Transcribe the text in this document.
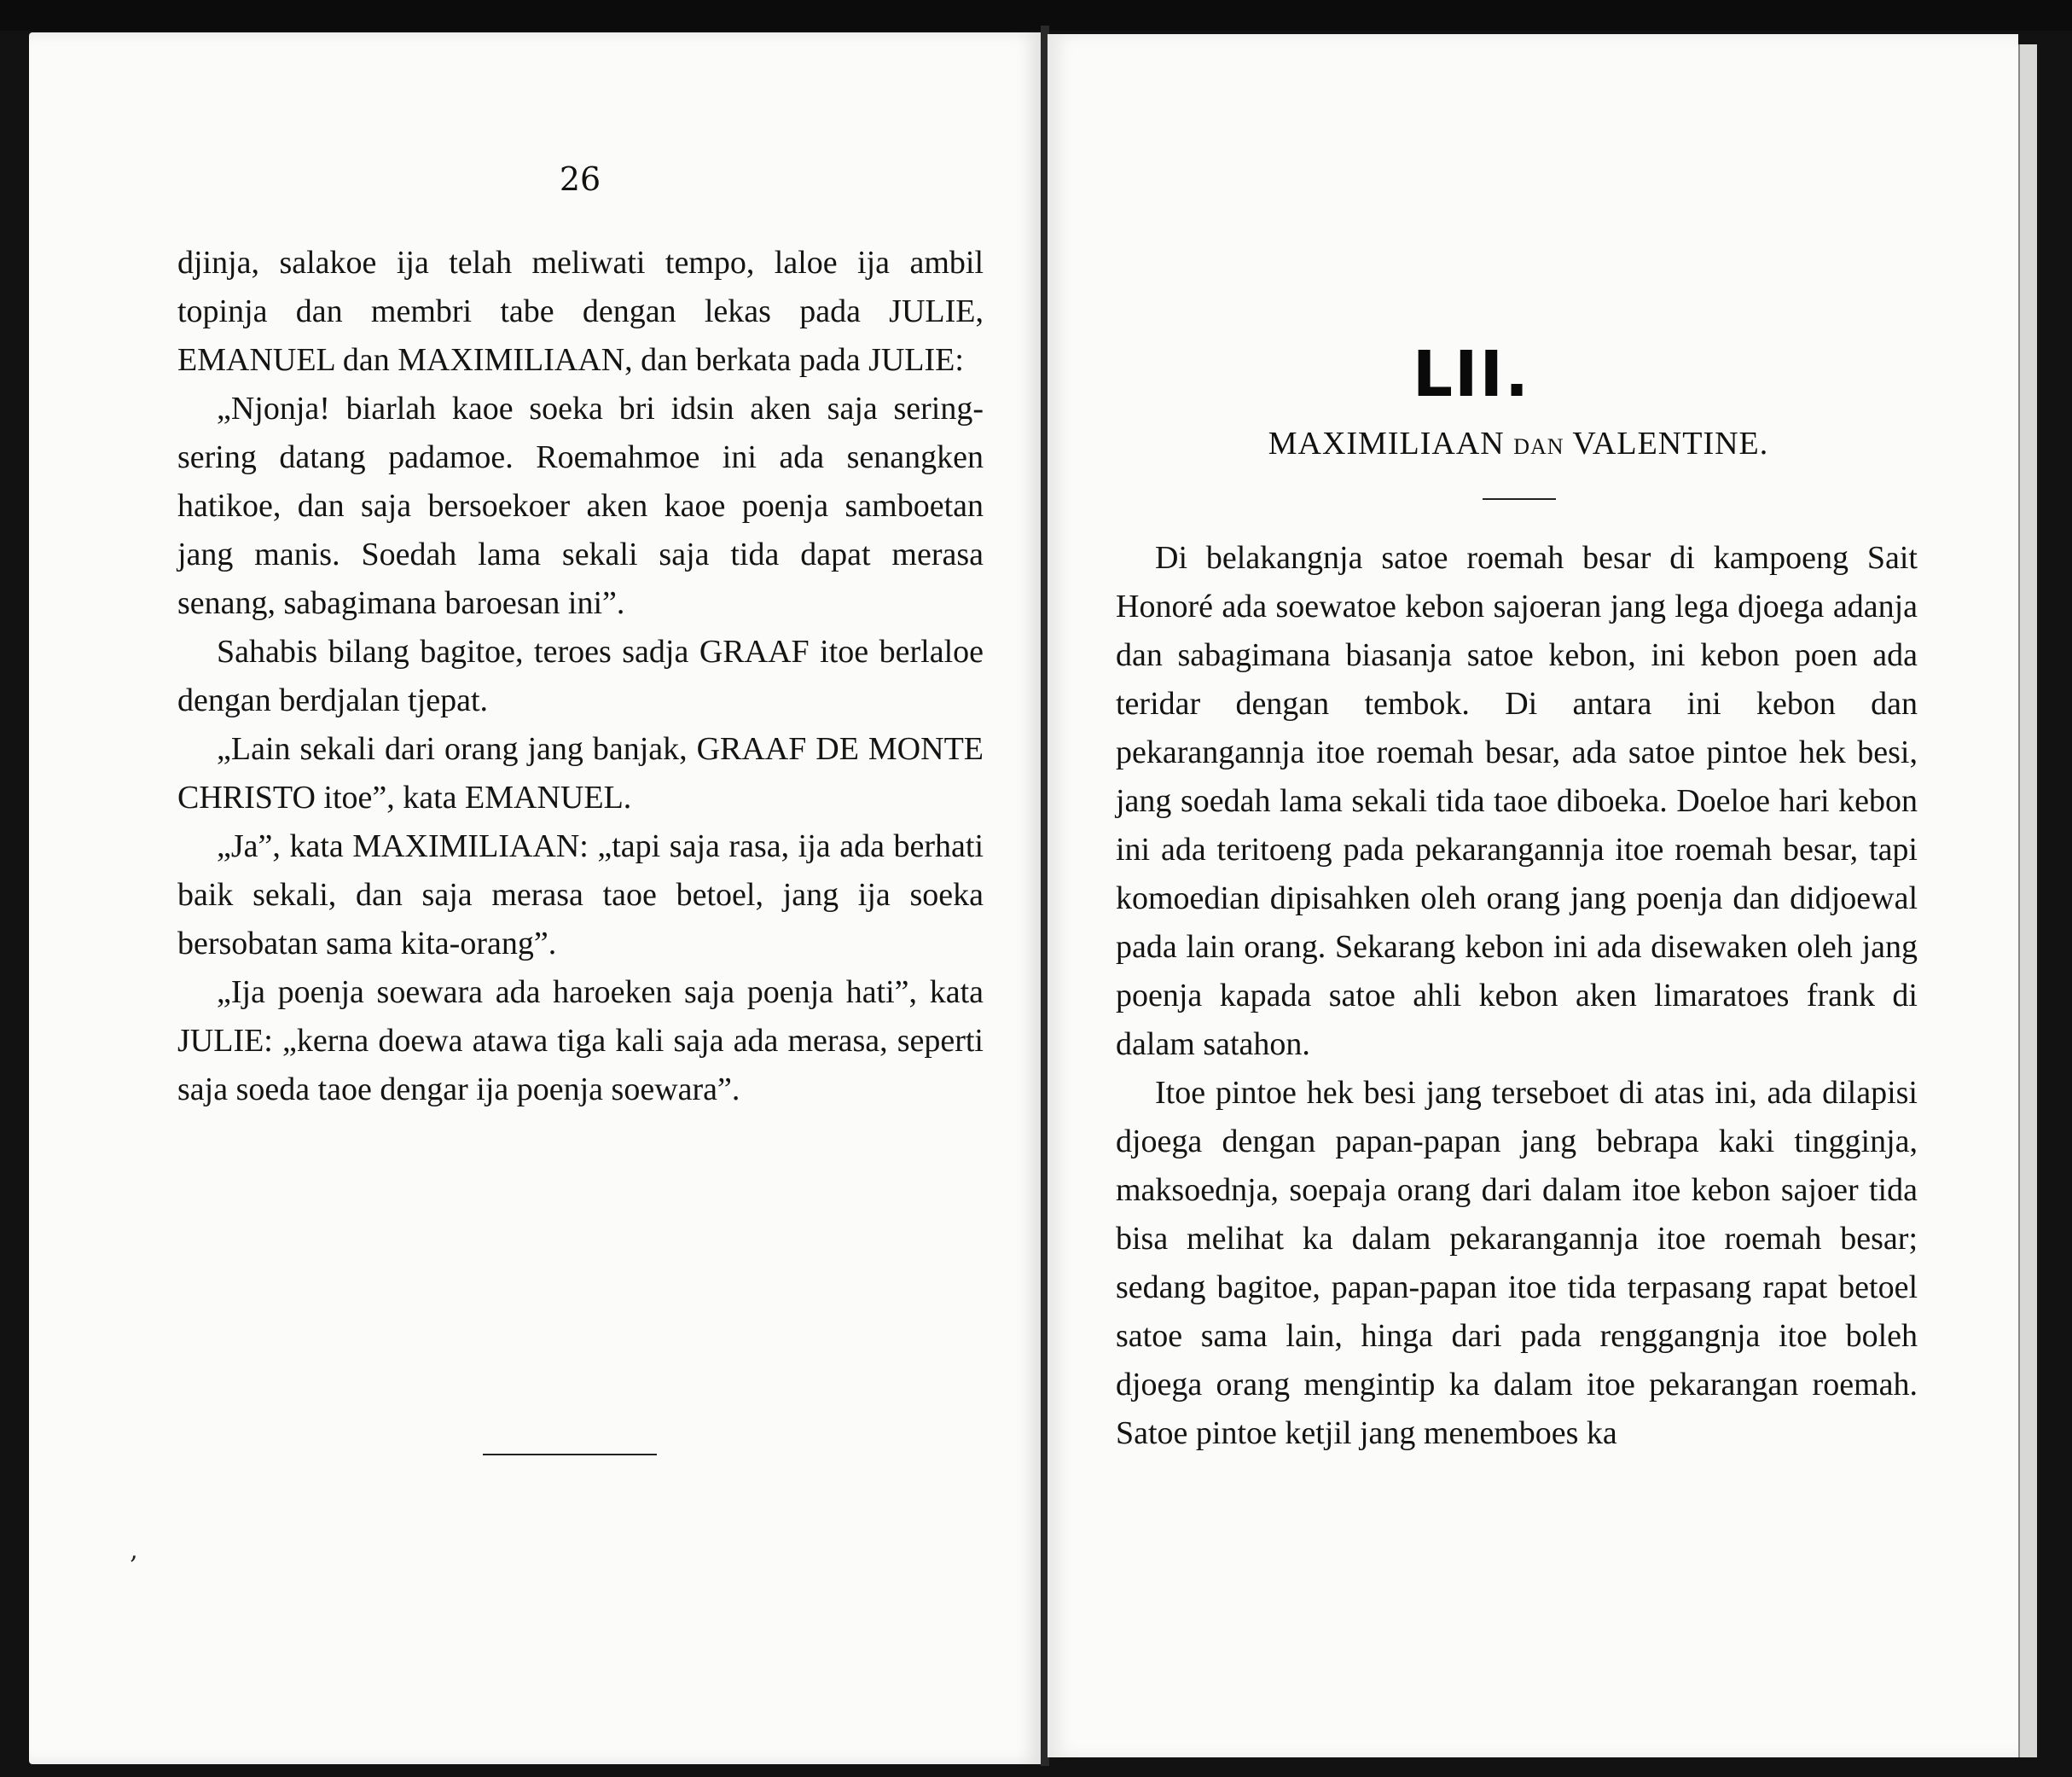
26

djinja, salakoe ija telah meliwati tempo, laloe ija ambil topinja dan membri tabe dengan lekas pada JULIE, EMANUEL dan MAXIMILIAAN, dan berkata pada JULIE:

„Njonja! biarlah kaoe soeka bri idsin aken saja sering-sering datang padamoe. Roemahmoe ini ada senangken hatikoe, dan saja bersoekoer aken kaoe poenja samboetan jang manis. Soedah lama sekali saja tida dapat merasa senang, sabagimana baroesan ini”.

Sahabis bilang bagitoe, teroes sadja GRAAF itoe berlaloe dengan berdjalan tjepat.

„Lain sekali dari orang jang banjak, GRAAF DE MONTE CHRISTO itoe”, kata EMANUEL.

„Ja”, kata MAXIMILIAAN: „tapi saja rasa, ija ada berhati baik sekali, dan saja merasa taoe betoel, jang ija soeka bersobatan sama kita-orang”.

„Ija poenja soewara ada haroeken saja poenja hati”, kata JULIE: „kerna doewa atawa tiga kali saja ada merasa, seperti saja soeda taoe dengar ija poenja soewara”.

‚
LII.
MAXIMILIAAN DAN VALENTINE.

Di belakangnja satoe roemah besar di kampoeng Sait Honoré ada soewatoe kebon sajoeran jang lega djoega adanja dan sabagimana biasanja satoe kebon, ini kebon poen ada teridar dengan tembok. Di antara ini kebon dan pekarangannja itoe roemah besar, ada satoe pintoe hek besi, jang soedah lama sekali tida taoe diboeka. Doeloe hari kebon ini ada teritoeng pada pekarangannja itoe roemah besar, tapi komoedian dipisahken oleh orang jang poenja dan didjoewal pada lain orang. Sekarang kebon ini ada disewaken oleh jang poenja kapada satoe ahli kebon aken limaratoes frank di dalam satahon.

Itoe pintoe hek besi jang terseboet di atas ini, ada dilapisi djoega dengan papan-papan jang bebrapa kaki tingginja, maksoednja, soepaja orang dari dalam itoe kebon sajoer tida bisa melihat ka dalam pekarangannja itoe roemah besar; sedang bagitoe, papan-papan itoe tida terpasang rapat betoel satoe sama lain, hinga dari pada renggangnja itoe boleh djoega orang mengintip ka dalam itoe pekarangan roemah. Satoe pintoe ketjil jang menemboes ka
